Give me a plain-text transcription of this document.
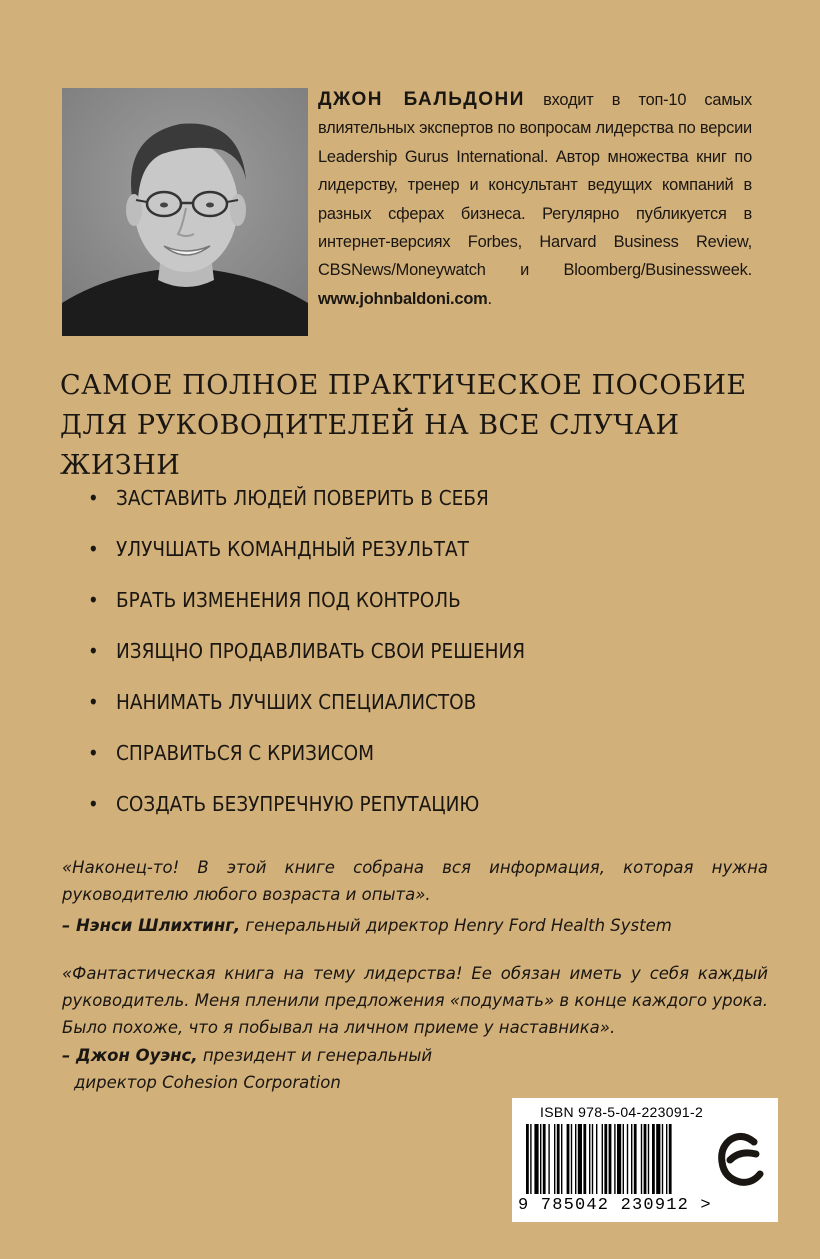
ДЖОН БАЛЬДОНИ входит в топ-10 самых влиятельных экспертов по вопросам лидерства по версии Leadership Gurus International. Автор множества книг по лидерству, тренер и консультант ведущих компаний в разных сферах бизнеса. Регулярно публикуется в интернет-версиях Forbes, Harvard Business Review, CBSNews/Moneywatch и Bloomberg/Businessweek. www.johnbaldoni.com.
САМОЕ ПОЛНОЕ ПРАКТИЧЕСКОЕ ПОСОБИЕ
ДЛЯ РУКОВОДИТЕЛЕЙ НА ВСЕ СЛУЧАИ ЖИЗНИ
• ЗАСТАВИТЬ ЛЮДЕЙ ПОВЕРИТЬ В СЕБЯ
• УЛУЧШАТЬ КОМАНДНЫЙ РЕЗУЛЬТАТ
• БРАТЬ ИЗМЕНЕНИЯ ПОД КОНТРОЛЬ
• ИЗЯЩНО ПРОДАВЛИВАТЬ СВОИ РЕШЕНИЯ
• НАНИМАТЬ ЛУЧШИХ СПЕЦИАЛИСТОВ
• СПРАВИТЬСЯ С КРИЗИСОМ
• СОЗДАТЬ БЕЗУПРЕЧНУЮ РЕПУТАЦИЮ
«Наконец-то! В этой книге собрана вся информация, которая нужна руководителю любого возраста и опыта».
– Нэнси Шлихтинг, генеральный директор Henry Ford Health System
«Фантастическая книга на тему лидерства! Ее обязан иметь у себя каждый руководитель. Меня пленили предложения «подумать» в конце каждого урока. Было похоже, что я побывал на личном приеме у наставника».
– Джон Оуэнс, президент и генеральный
директор Cohesion Corporation
ISBN 978-5-04-223091-2
9 785042 230912 >
